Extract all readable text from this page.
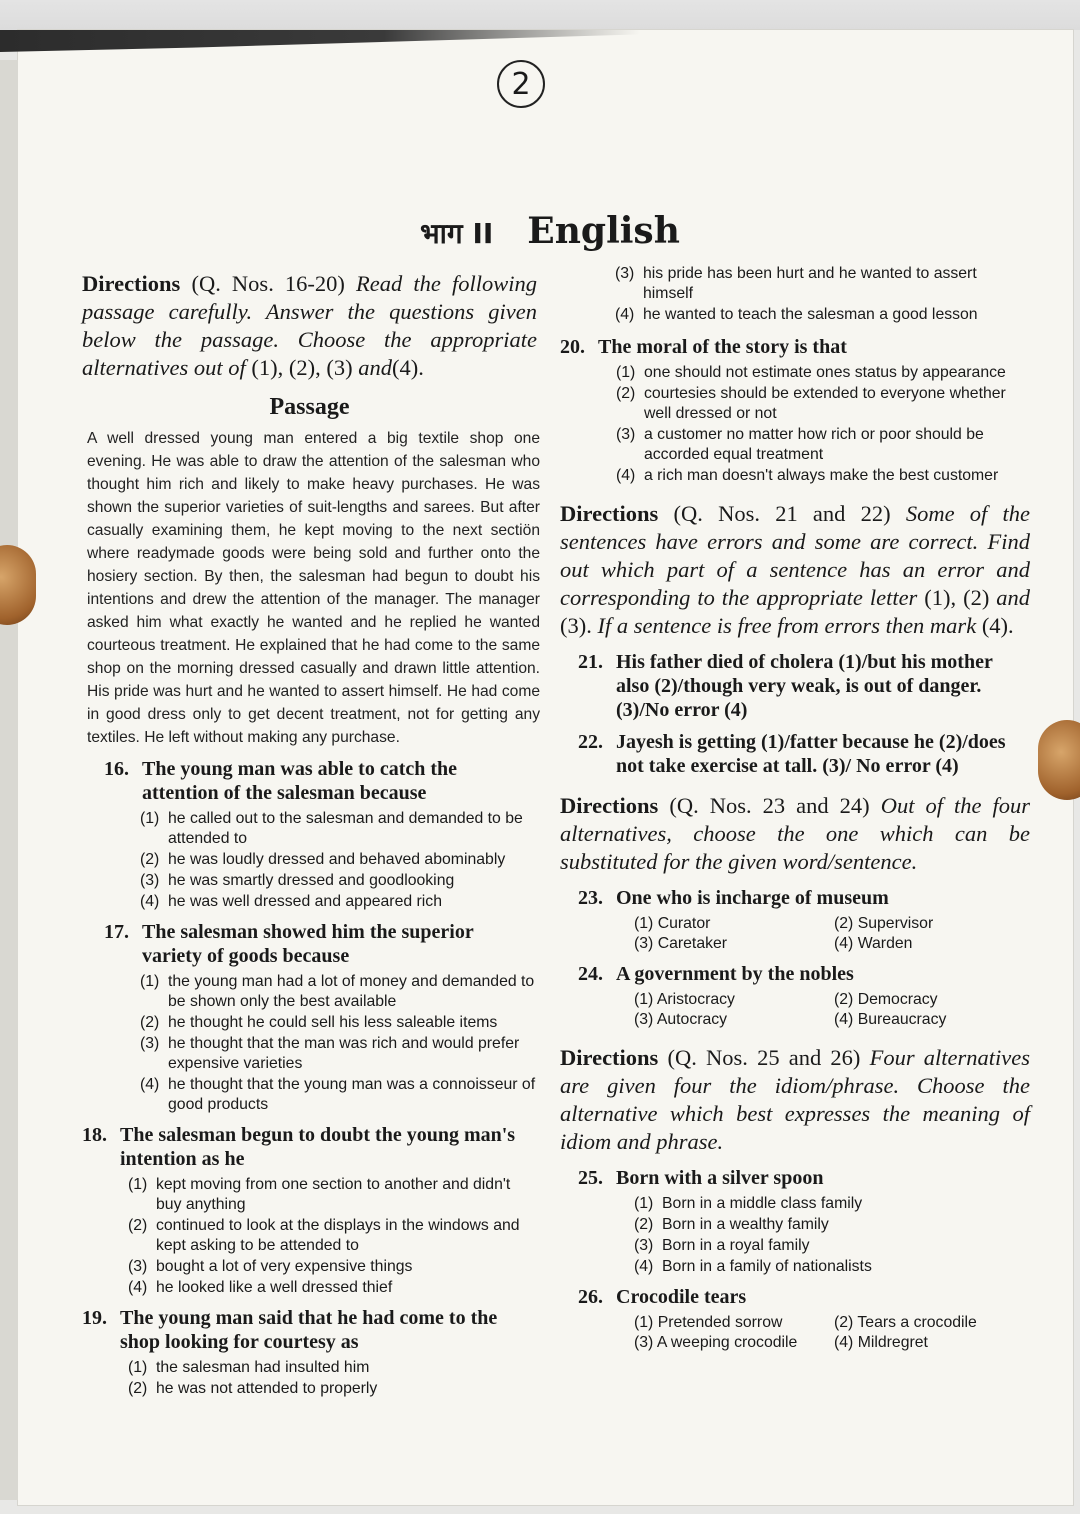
2
भाग II English

Directions (Q. Nos. 16-20) Read the following passage carefully. Answer the questions given below the passage. Choose the appropriate alternatives out of (1), (2), (3) and(4).

Passage

A well dressed young man entered a big textile shop one evening. He was able to draw the attention of the salesman who thought him rich and likely to make heavy purchases. He was shown the superior varieties of suit-lengths and sarees. But after casually examining them, he kept moving to the next sectiön where readymade goods were being sold and further onto the hosiery section. By then, the salesman had begun to doubt his intentions and drew the attention of the manager. The manager asked him what exactly he wanted and he replied he wanted courteous treatment. He explained that he had come to the same shop on the morning dressed casually and drawn little attention. His pride was hurt and he wanted to assert himself. He had come in good dress only to get decent treatment, not for getting any textiles. He left without making any purchase.

16. The young man was able to catch the attention of the salesman because
(1) he called out to the salesman and demanded to be attended to
(2) he was loudly dressed and behaved abominably
(3) he was smartly dressed and goodlooking
(4) he was well dressed and appeared rich
17. The salesman showed him the superior variety of goods because
(1) the young man had a lot of money and demanded to be shown only the best available
(2) he thought he could sell his less saleable items
(3) he thought that the man was rich and would prefer expensive varieties
(4) he thought that the young man was a connoisseur of good products
18. The salesman begun to doubt the young man's intention as he
(1) kept moving from one section to another and didn't buy anything
(2) continued to look at the displays in the windows and kept asking to be attended to
(3) bought a lot of very expensive things
(4) he looked like a well dressed thief
19. The young man said that he had come to the shop looking for courtesy as
(1) the salesman had insulted him
(2) he was not attended to properly
(3) his pride has been hurt and he wanted to assert himself
(4) he wanted to teach the salesman a good lesson
20. The moral of the story is that
(1) one should not estimate ones status by appearance
(2) courtesies should be extended to everyone whether well dressed or not
(3) a customer no matter how rich or poor should be accorded equal treatment
(4) a rich man doesn't always make the best customer

Directions (Q. Nos. 21 and 22) Some of the sentences have errors and some are correct. Find out which part of a sentence has an error and corresponding to the appropriate letter (1), (2) and (3). If a sentence is free from errors then mark (4).

21. His father died of cholera (1)/but his mother also (2)/though very weak, is out of danger. (3)/No error (4)
22. Jayesh is getting (1)/fatter because he (2)/does not take exercise at tall. (3)/ No error (4)

Directions (Q. Nos. 23 and 24) Out of the four alternatives, choose the one which can be substituted for the given word/sentence.

23. One who is incharge of museum
(1) Curator	(2) Supervisor
(3) Caretaker	(4) Warden
24. A government by the nobles
(1) Aristocracy	(2) Democracy
(3) Autocracy	(4) Bureaucracy

Directions (Q. Nos. 25 and 26) Four alternatives are given four the idiom/phrase. Choose the alternative which best expresses the meaning of idiom and phrase.

25. Born with a silver spoon
(1) Born in a middle class family
(2) Born in a wealthy family
(3) Born in a royal family
(4) Born in a family of nationalists
26. Crocodile tears
(1) Pretended sorrow	(2) Tears a crocodile
(3) A weeping crocodile	(4) Mildregret
